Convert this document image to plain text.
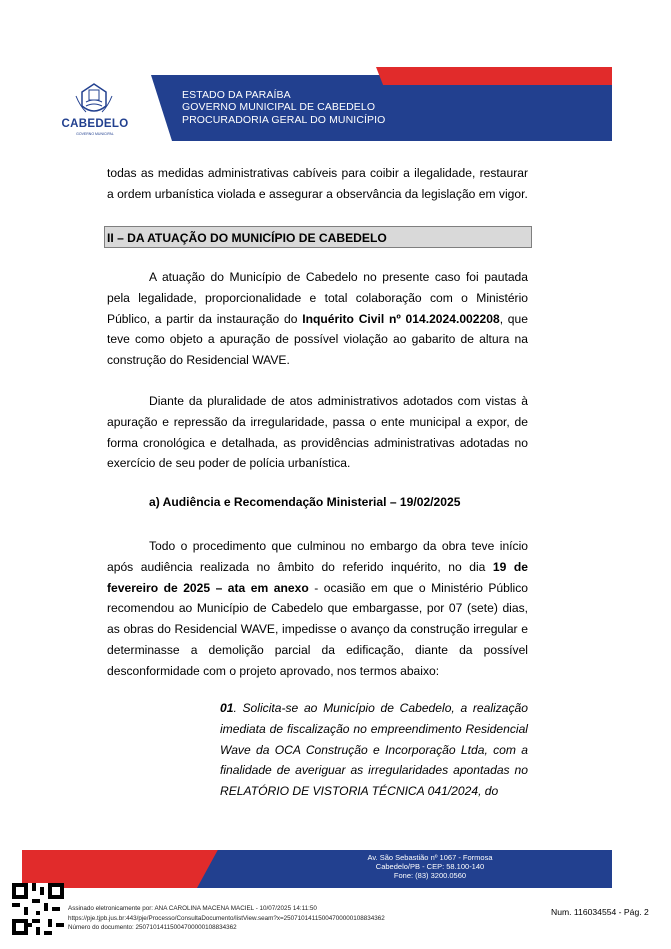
CABEDELO
GOVERNO MUNICIPAL
ESTADO DA PARAÍBA
GOVERNO MUNICIPAL DE CABEDELO
PROCURADORIA GERAL DO MUNICÍPIO
todas as medidas administrativas cabíveis para coibir a ilegalidade, restaurar a ordem urbanística violada e assegurar a observância da legislação em vigor.
II – DA ATUAÇÃO DO MUNICÍPIO DE CABEDELO
A atuação do Município de Cabedelo no presente caso foi pautada pela legalidade, proporcionalidade e total colaboração com o Ministério Público, a partir da instauração do Inquérito Civil nº 014.2024.002208, que teve como objeto a apuração de possível violação ao gabarito de altura na construção do Residencial WAVE.
Diante da pluralidade de atos administrativos adotados com vistas à apuração e repressão da irregularidade, passa o ente municipal a expor, de forma cronológica e detalhada, as providências administrativas adotadas no exercício de seu poder de polícia urbanística.
a) Audiência e Recomendação Ministerial – 19/02/2025
Todo o procedimento que culminou no embargo da obra teve início após audiência realizada no âmbito do referido inquérito, no dia 19 de fevereiro de 2025 – ata em anexo - ocasião em que o Ministério Público recomendou ao Município de Cabedelo que embargasse, por 07 (sete) dias, as obras do Residencial WAVE, impedisse o avanço da construção irregular e determinasse a demolição parcial da edificação, diante da possível desconformidade com o projeto aprovado, nos termos abaixo:
01. Solicita-se ao Município de Cabedelo, a realização imediata de fiscalização no empreendimento Residencial Wave da OCA Construção e Incorporação Ltda, com a finalidade de averiguar as irregularidades apontadas no RELATÓRIO DE VISTORIA TÉCNICA 041/2024, do
Av. São Sebastião nº 1067 - Formosa
Cabedelo/PB - CEP: 58.100-140
Fone: (83) 3200.0560
Assinado eletronicamente por: ANA CAROLINA MACENA MACIEL - 10/07/2025 14:11:50
https://pje.tjpb.jus.br:443/pje/Processo/ConsultaDocumento/listView.seam?x=25071014115004700000108834362
Número do documento: 25071014115004700000108834362
Num. 116034554 - Pág. 2
